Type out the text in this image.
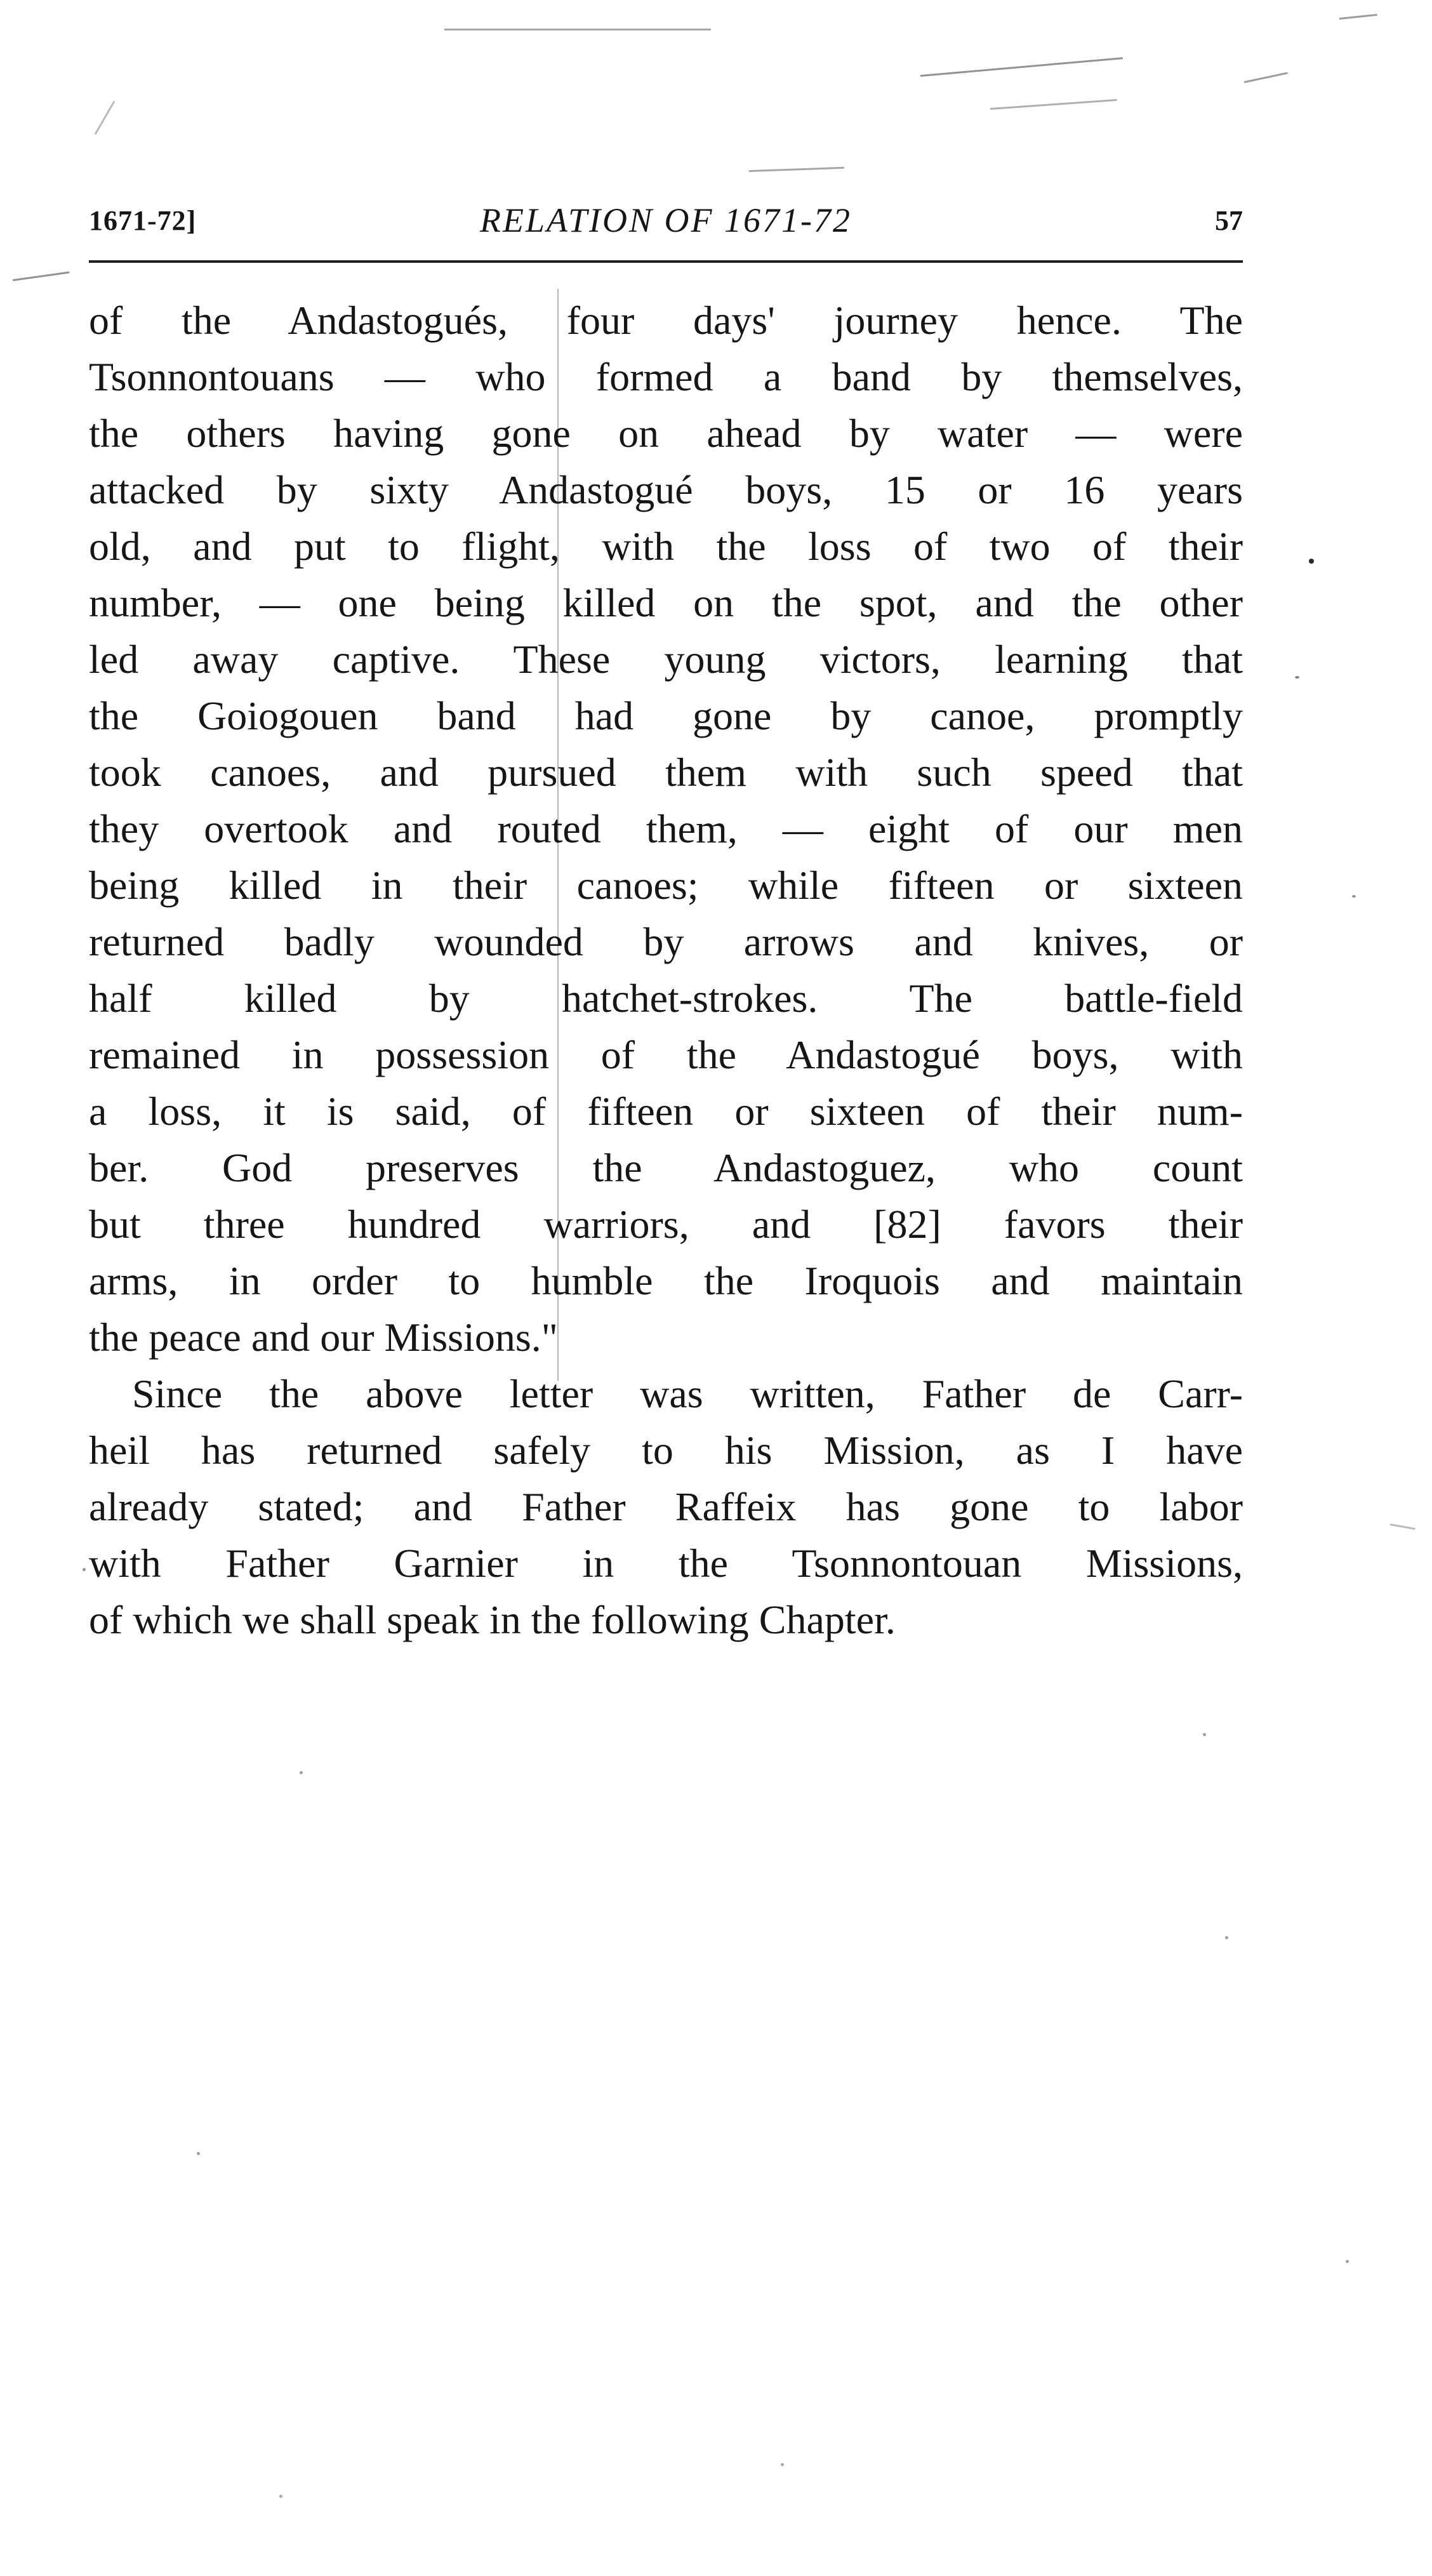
1671-72]	RELATION OF 1671-72	57

of the Andastogués, four days' journey hence. The
Tsonnontouans — who formed a band by themselves,
the others having gone on ahead by water — were
attacked by sixty Andastogué boys, 15 or 16 years
old, and put to flight, with the loss of two of their
number, — one being killed on the spot, and the other
led away captive. These young victors, learning that
the Goiogouen band had gone by canoe, promptly
took canoes, and pursued them with such speed that
they overtook and routed them, — eight of our men
being killed in their canoes; while fifteen or sixteen
returned badly wounded by arrows and knives, or
half killed by hatchet-strokes. The battle-field
remained in possession of the Andastogué boys, with
a loss, it is said, of fifteen or sixteen of their num-
ber. God preserves the Andastoguez, who count
but three hundred warriors, and [82] favors their
arms, in order to humble the Iroquois and maintain
the peace and our Missions."

Since the above letter was written, Father de Carr-
heil has returned safely to his Mission, as I have
already stated; and Father Raffeix has gone to labor
with Father Garnier in the Tsonnontouan Missions,
of which we shall speak in the following Chapter.
